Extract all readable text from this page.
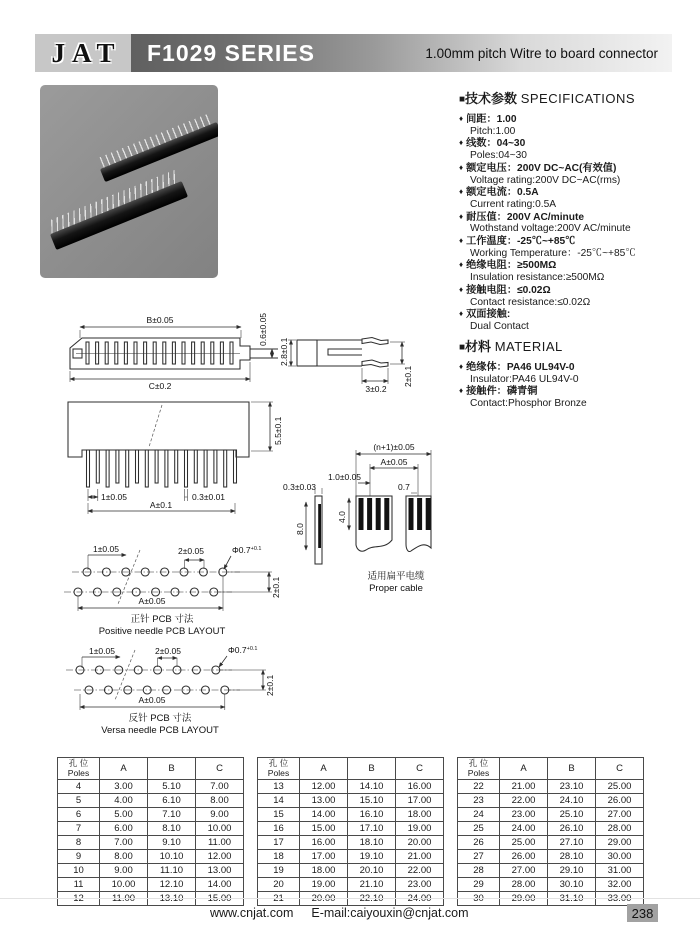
JAT	F1029 SERIES	1.00mm pitch Witre to board connector
■技术参数 SPECIFICATIONS
♦ 间距：1.00
Pitch:1.00
♦ 线数：04~30
Poles:04~30
♦ 额定电压：200V DC~AC(有效值)
Voltage rating:200V DC~AC(rms)
♦ 额定电流：0.5A
Current rating:0.5A
♦ 耐压值：200V AC/minute
Wothstand voltage:200V AC/minute
♦ 工作温度：-25℃~+85℃
Working Temperature：-25℃~+85℃
♦ 绝缘电阻：≥500MΩ
Insulation resistance:≥500MΩ
♦ 接触电阻：≤0.02Ω
Contact resistance:≤0.02Ω
♦ 双面接触:
Dual Contact
■材料 MATERIAL
♦ 绝缘体：PA46 UL94V-0
Insulator:PA46 UL94V-0
♦ 接触件：磷青铜
Contact:Phosphor Bronze
B±0.05	0.6±0.05
C±0.2
2.8±0.1
3±0.2
2±0.1
5.5±0.1
1±0.05	0.3±0.01
A±0.1
0.3±0.03
8.0
(n+1)±0.05
A±0.05
1.0±0.05
0.7
4.0
适用扁平电缆
Proper cable
1±0.05	2±0.05	$\Phi 0.7^{+0.1}$
A±0.05
2±0.1
正针 PCB 寸法
Positive needle PCB LAYOUT
1±0.05	2±0.05	$\Phi 0.7^{+0.1}$
A±0.05
2±0.1
反针 PCB 寸法
Versa needle PCB LAYOUT
孔 位
Poles	A	B	C
4	3.00	5.10	7.00
5	4.00	6.10	8.00
6	5.00	7.10	9.00
7	6.00	8.10	10.00
8	7.00	9.10	11.00
9	8.00	10.10	12.00
10	9.00	11.10	13.00
11	10.00	12.10	14.00
12	11.00	13.10	15.00
孔 位
Poles	A	B	C
13	12.00	14.10	16.00
14	13.00	15.10	17.00
15	14.00	16.10	18.00
16	15.00	17.10	19.00
17	16.00	18.10	20.00
18	17.00	19.10	21.00
19	18.00	20.10	22.00
20	19.00	21.10	23.00
21	20.00	22.10	24.00
孔 位
Poles	A	B	C
22	21.00	23.10	25.00
23	22.00	24.10	26.00
24	23.00	25.10	27.00
25	24.00	26.10	28.00
26	25.00	27.10	29.00
27	26.00	28.10	30.00
28	27.00	29.10	31.00
29	28.00	30.10	32.00
30	29.00	31.10	33.00
www.cnjat.com E-mail:caiyouxin@cnjat.com	238
